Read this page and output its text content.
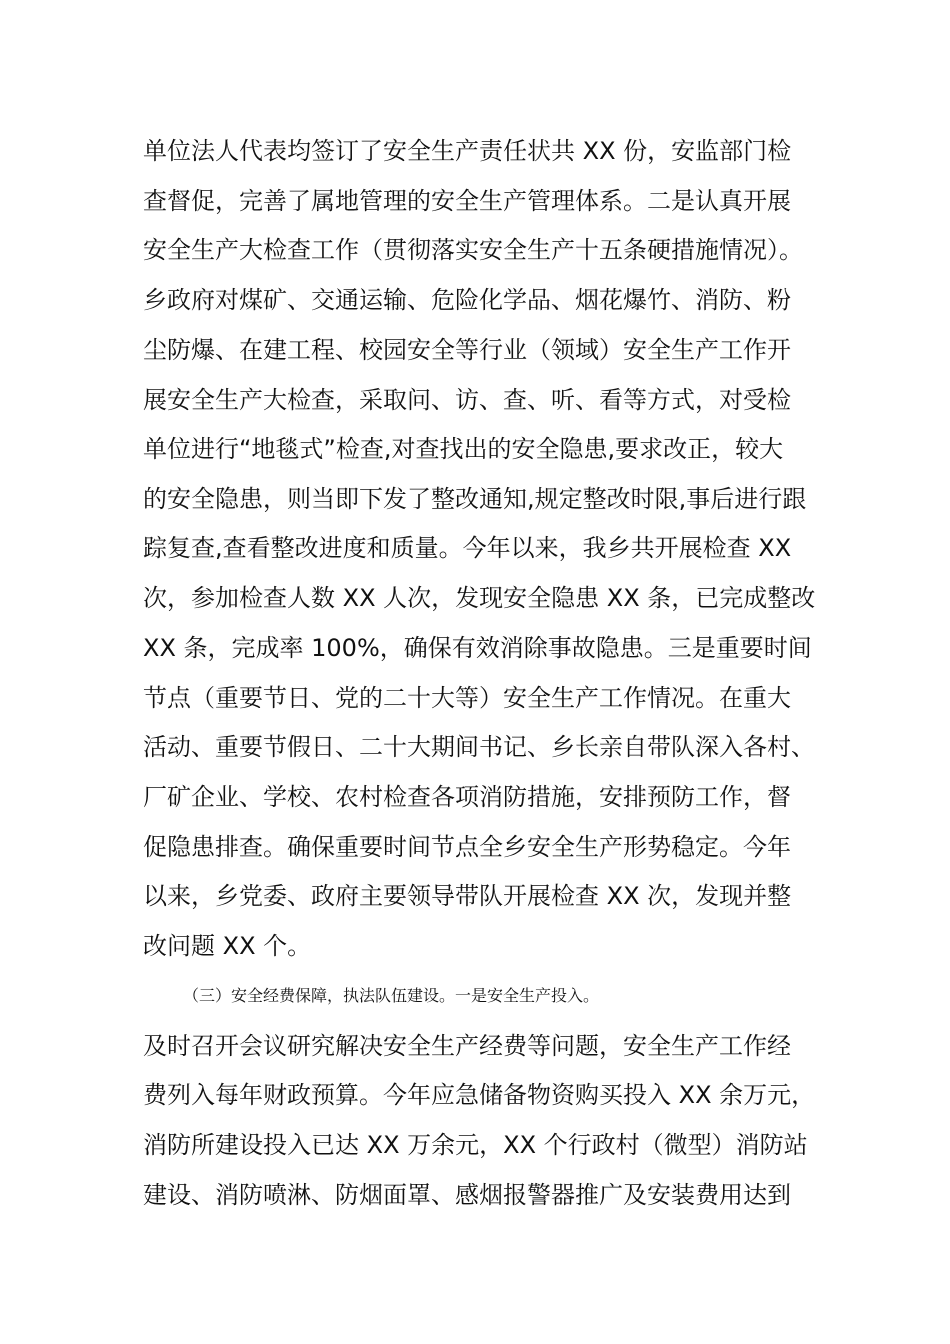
单位法人代表均签订了安全生产责任状共 XX 份，安监部门检
查督促，完善了属地管理的安全生产管理体系。二是认真开展
安全生产大检查工作（贯彻落实安全生产十五条硬措施情况）。
乡政府对煤矿、交通运输、危险化学品、烟花爆竹、消防、粉
尘防爆、在建工程、校园安全等行业（领域）安全生产工作开
展安全生产大检查，采取问、访、查、听、看等方式，对受检
单位进行“地毯式”检查,对查找出的安全隐患,要求改正，较大
的安全隐患，则当即下发了整改通知,规定整改时限,事后进行跟
踪复查,查看整改进度和质量。今年以来，我乡共开展检查 XX
次，参加检查人数 XX 人次，发现安全隐患 XX 条，已完成整改
XX 条，完成率 100%，确保有效消除事故隐患。三是重要时间
节点（重要节日、党的二十大等）安全生产工作情况。在重大
活动、重要节假日、二十大期间书记、乡长亲自带队深入各村、
厂矿企业、学校、农村检查各项消防措施，安排预防工作，督
促隐患排查。确保重要时间节点全乡安全生产形势稳定。今年
以来，乡党委、政府主要领导带队开展检查 XX 次，发现并整
改问题 XX 个。
（三）安全经费保障，执法队伍建设。一是安全生产投入。
及时召开会议研究解决安全生产经费等问题，安全生产工作经
费列入每年财政预算。今年应急储备物资购买投入 XX 余万元，
消防所建设投入已达 XX 万余元，XX 个行政村（微型）消防站
建设、消防喷淋、防烟面罩、感烟报警器推广及安装费用达到
